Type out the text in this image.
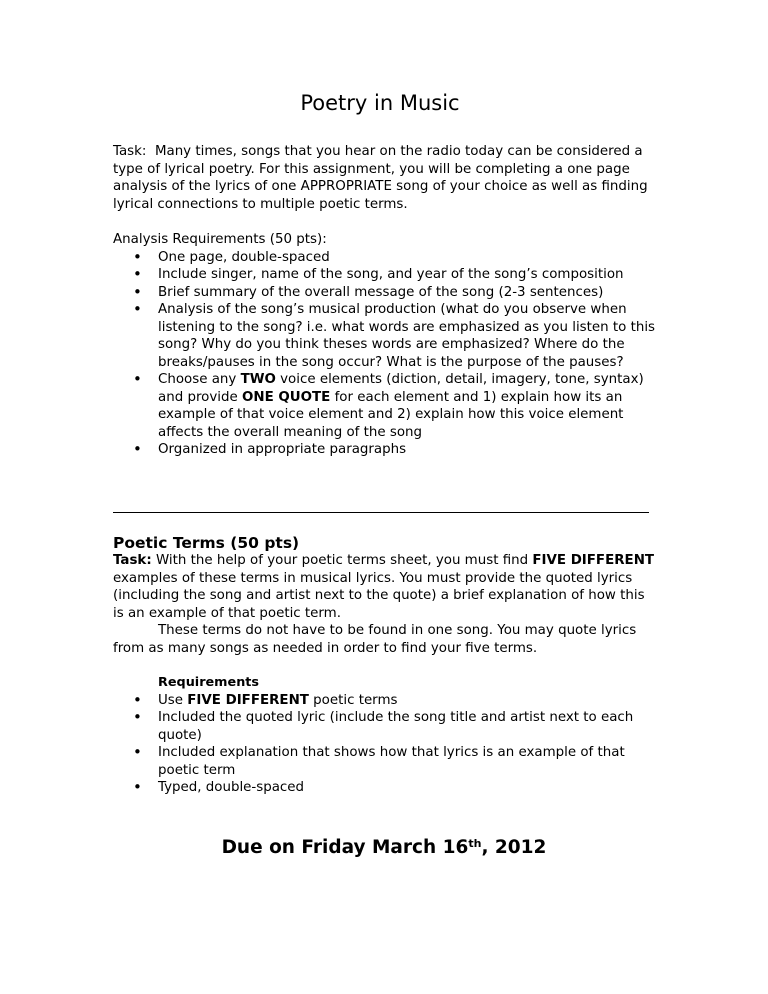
Poetry in Music

Task: Many times, songs that you hear on the radio today can be considered a type of lyrical poetry. For this assignment, you will be completing a one page analysis of the lyrics of one APPROPRIATE song of your choice as well as finding lyrical connections to multiple poetic terms.

Analysis Requirements (50 pts):

• One page, double-spaced
• Include singer, name of the song, and year of the song’s composition
• Brief summary of the overall message of the song (2-3 sentences)
• Analysis of the song’s musical production (what do you observe when listening to the song? i.e. what words are emphasized as you listen to this song? Why do you think theses words are emphasized? Where do the breaks/pauses in the song occur? What is the purpose of the pauses?
• Choose any TWO voice elements (diction, detail, imagery, tone, syntax) and provide ONE QUOTE for each element and 1) explain how its an example of that voice element and 2) explain how this voice element affects the overall meaning of the song
• Organized in appropriate paragraphs
Poetic Terms (50 pts)

Task: With the help of your poetic terms sheet, you must find FIVE DIFFERENT examples of these terms in musical lyrics. You must provide the quoted lyrics (including the song and artist next to the quote) a brief explanation of how this is an example of that poetic term.

These terms do not have to be found in one song. You may quote lyrics from as many songs as needed in order to find your five terms.

Requirements

• Use FIVE DIFFERENT poetic terms
• Included the quoted lyric (include the song title and artist next to each quote)
• Included explanation that shows how that lyrics is an example of that poetic term
• Typed, double-spaced
Due on Friday March 16th, 2012
